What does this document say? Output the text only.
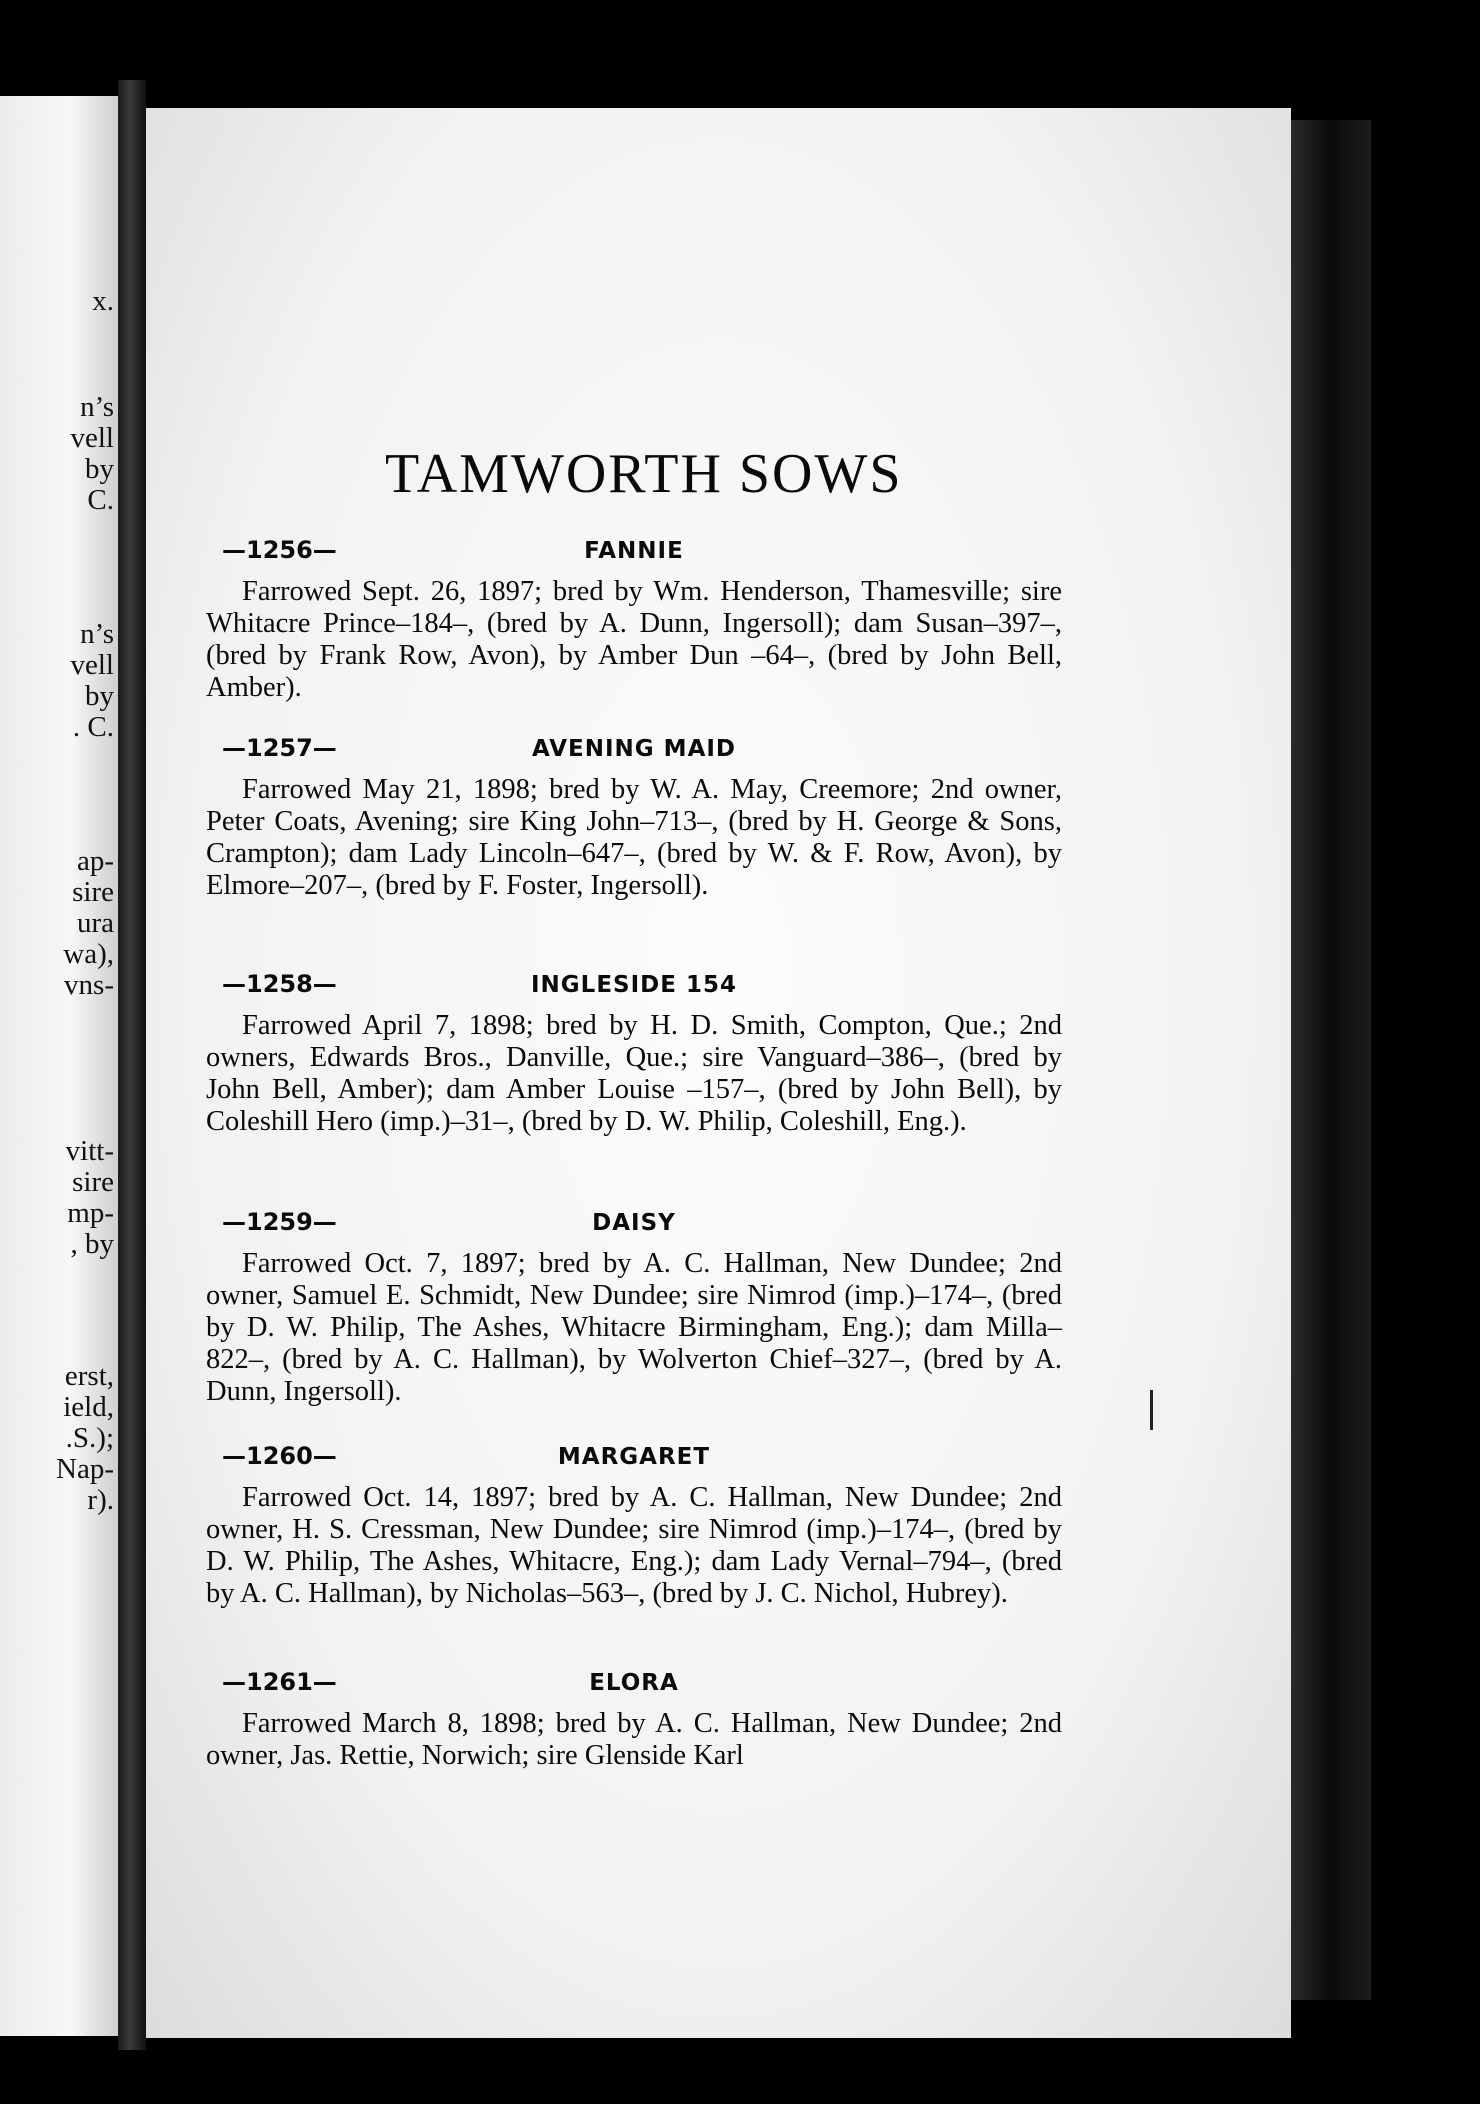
x.
n’s
vell
by
C.
n’s
vell
by
. C.
ap-
sire
ura
wa),
vns-
vitt-
sire
mp-
, by
erst,
ield,
.S.);
Nap-
r).
TAMWORTH SOWS
—1256—	FANNIE

Farrowed Sept. 26, 1897; bred by Wm. Henderson, Thamesville; sire Whitacre Prince–184–, (bred by A. Dunn, Ingersoll); dam Susan–397–, (bred by Frank Row, Avon), by Amber Dun –64–, (bred by John Bell, Amber).

—1257—	AVENING MAID

Farrowed May 21, 1898; bred by W. A. May, Creemore; 2nd owner, Peter Coats, Avening; sire King John–713–, (bred by H. George & Sons, Crampton); dam Lady Lincoln–647–, (bred by W. & F. Row, Avon), by Elmore–207–, (bred by F. Foster, Ingersoll).

—1258—	INGLESIDE 154

Farrowed April 7, 1898; bred by H. D. Smith, Compton, Que.; 2nd owners, Edwards Bros., Danville, Que.; sire Vanguard–386–, (bred by John Bell, Amber); dam Amber Louise –157–, (bred by John Bell), by Coleshill Hero (imp.)–31–, (bred by D. W. Philip, Coleshill, Eng.).

—1259—	DAISY

Farrowed Oct. 7, 1897; bred by A. C. Hallman, New Dundee; 2nd owner, Samuel E. Schmidt, New Dundee; sire Nimrod (imp.)–174–, (bred by D. W. Philip, The Ashes, Whitacre Birmingham, Eng.); dam Milla–822–, (bred by A. C. Hallman), by Wolverton Chief–327–, (bred by A. Dunn, Ingersoll).

—1260—	MARGARET

Farrowed Oct. 14, 1897; bred by A. C. Hallman, New Dundee; 2nd owner, H. S. Cressman, New Dundee; sire Nimrod (imp.)–174–, (bred by D. W. Philip, The Ashes, Whitacre, Eng.); dam Lady Vernal–794–, (bred by A. C. Hallman), by Nicholas–563–, (bred by J. C. Nichol, Hubrey).

—1261—	ELORA

Farrowed March 8, 1898; bred by A. C. Hallman, New Dundee; 2nd owner, Jas. Rettie, Norwich; sire Glenside Karl
